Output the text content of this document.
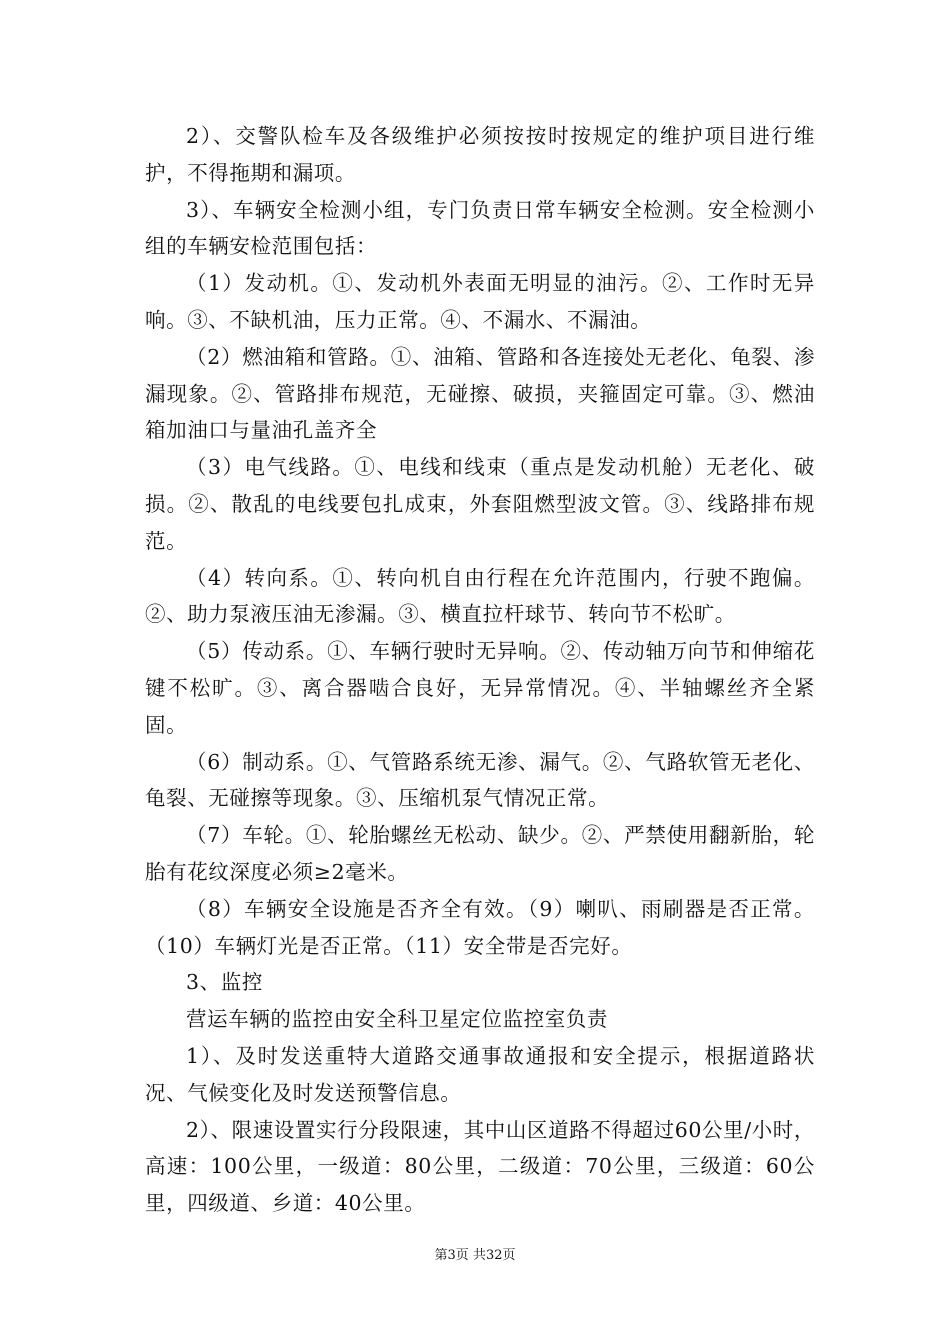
2）、交警队检车及各级维护必须按按时按规定的维护项目进行维护，不得拖期和漏项。

3）、车辆安全检测小组，专门负责日常车辆安全检测。安全检测小组的车辆安检范围包括：

（1）发动机。①、发动机外表面无明显的油污。②、工作时无异响。③、不缺机油，压力正常。④、不漏水、不漏油。

（2）燃油箱和管路。①、油箱、管路和各连接处无老化、龟裂、渗漏现象。②、管路排布规范，无碰擦、破损，夹箍固定可靠。③、燃油箱加油口与量油孔盖齐全

（3）电气线路。①、电线和线束（重点是发动机舱）无老化、破损。②、散乱的电线要包扎成束，外套阻燃型波文管。③、线路排布规范。

（4）转向系。①、转向机自由行程在允许范围内，行驶不跑偏。②、助力泵液压油无渗漏。③、横直拉杆球节、转向节不松旷。

（5）传动系。①、车辆行驶时无异响。②、传动轴万向节和伸缩花键不松旷。③、离合器啮合良好，无异常情况。④、半轴螺丝齐全紧固。

（6）制动系。①、气管路系统无渗、漏气。②、气路软管无老化、龟裂、无碰擦等现象。③、压缩机泵气情况正常。

（7）车轮。①、轮胎螺丝无松动、缺少。②、严禁使用翻新胎，轮胎有花纹深度必须≥2毫米。

（8）车辆安全设施是否齐全有效。（9）喇叭、雨刷器是否正常。（10）车辆灯光是否正常。（11）安全带是否完好。

3、监控

营运车辆的监控由安全科卫星定位监控室负责

1）、及时发送重特大道路交通事故通报和安全提示，根据道路状况、气候变化及时发送预警信息。

2）、限速设置实行分段限速，其中山区道路不得超过60公里/小时，高速：100公里，一级道：80公里，二级道：70公里，三级道：60公里，四级道、乡道：40公里。

第3页 共32页
